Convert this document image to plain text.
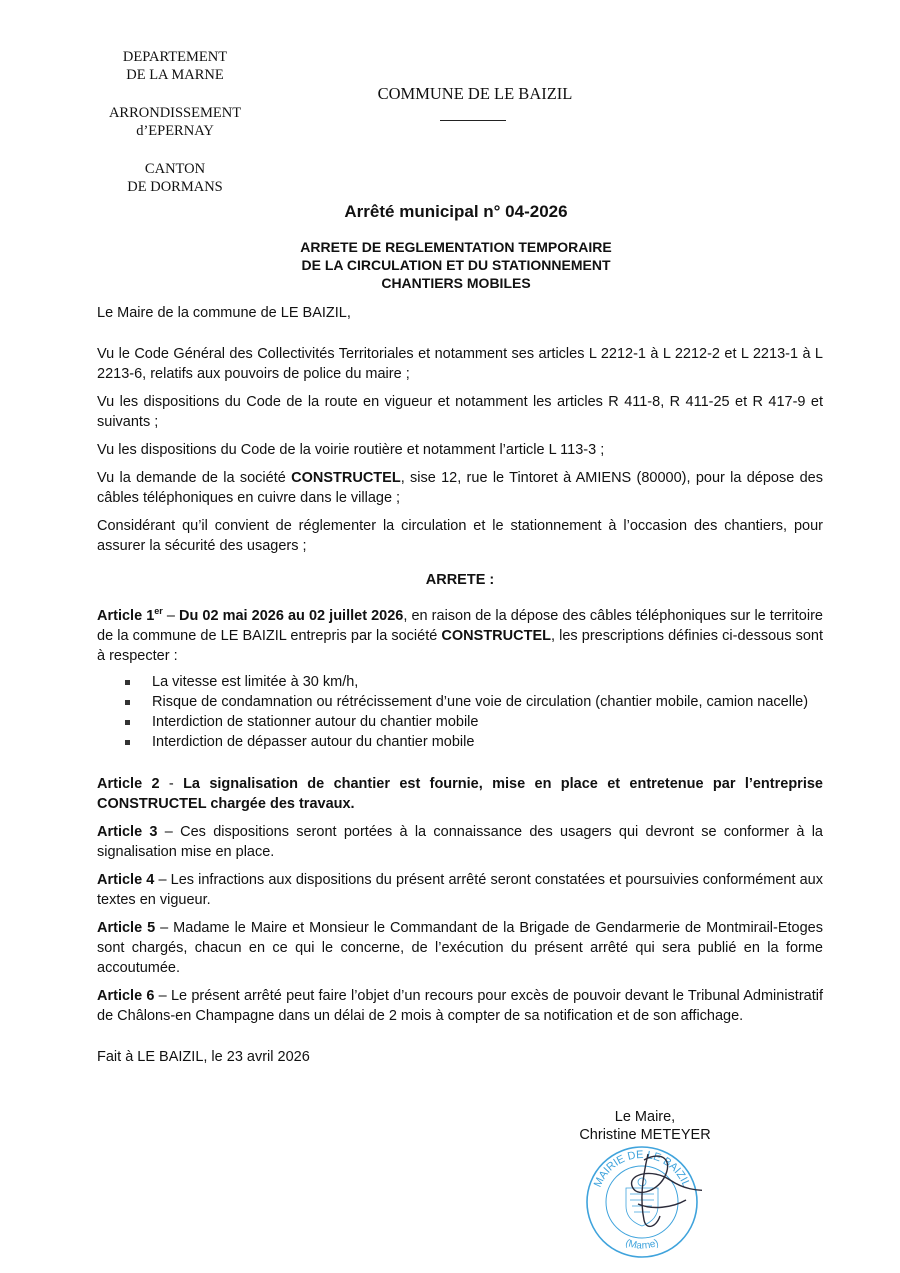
DEPARTEMENT
DE LA MARNE
ARRONDISSEMENT
d’EPERNAY
CANTON
DE DORMANS
COMMUNE DE LE BAIZIL
Arrêté municipal n° 04-2026
ARRETE DE REGLEMENTATION TEMPORAIRE
DE LA CIRCULATION ET DU STATIONNEMENT
CHANTIERS MOBILES

Le Maire de la commune de LE BAIZIL,

Vu le Code Général des Collectivités Territoriales et notamment ses articles L 2212-1 à L 2212-2 et L 2213-1 à L 2213-6, relatifs aux pouvoirs de police du maire ;

Vu les dispositions du Code de la route en vigueur et notamment les articles R 411-8, R 411-25 et R 417-9 et suivants ;

Vu les dispositions du Code de la voirie routière et notamment l’article L 113-3 ;

Vu la demande de la société CONSTRUCTEL, sise 12, rue le Tintoret à AMIENS (80000), pour la dépose des câbles téléphoniques en cuivre dans le village ;

Considérant qu’il convient de réglementer la circulation et le stationnement à l’occasion des chantiers, pour assurer la sécurité des usagers ;

ARRETE :

Article 1er – Du 02 mai 2026 au 02 juillet 2026, en raison de la dépose des câbles téléphoniques sur le territoire de la commune de LE BAIZIL entrepris par la société CONSTRUCTEL, les prescriptions définies ci-dessous sont à respecter :

La vitesse est limitée à 30 km/h,
Risque de condamnation ou rétrécissement d’une voie de circulation (chantier mobile, camion nacelle)
Interdiction de stationner autour du chantier mobile
Interdiction de dépasser autour du chantier mobile

Article 2 - La signalisation de chantier est fournie, mise en place et entretenue par l’entreprise CONSTRUCTEL chargée des travaux.

Article 3 – Ces dispositions seront portées à la connaissance des usagers qui devront se conformer à la signalisation mise en place.

Article 4 – Les infractions aux dispositions du présent arrêté seront constatées et poursuivies conformément aux textes en vigueur.

Article 5 – Madame le Maire et Monsieur le Commandant de la Brigade de Gendarmerie de Montmirail-Etoges sont chargés, chacun en ce qui le concerne, de l’exécution du présent arrêté qui sera publié en la forme accoutumée.

Article 6 – Le présent arrêté peut faire l’objet d’un recours pour excès de pouvoir devant le Tribunal Administratif de Châlons-en Champagne dans un délai de 2 mois à compter de sa notification et de son affichage.

Fait à LE BAIZIL, le 23 avril 2026

Le Maire,
Christine METEYER
MAIRIE DE LE BAIZIL
(Marne)
